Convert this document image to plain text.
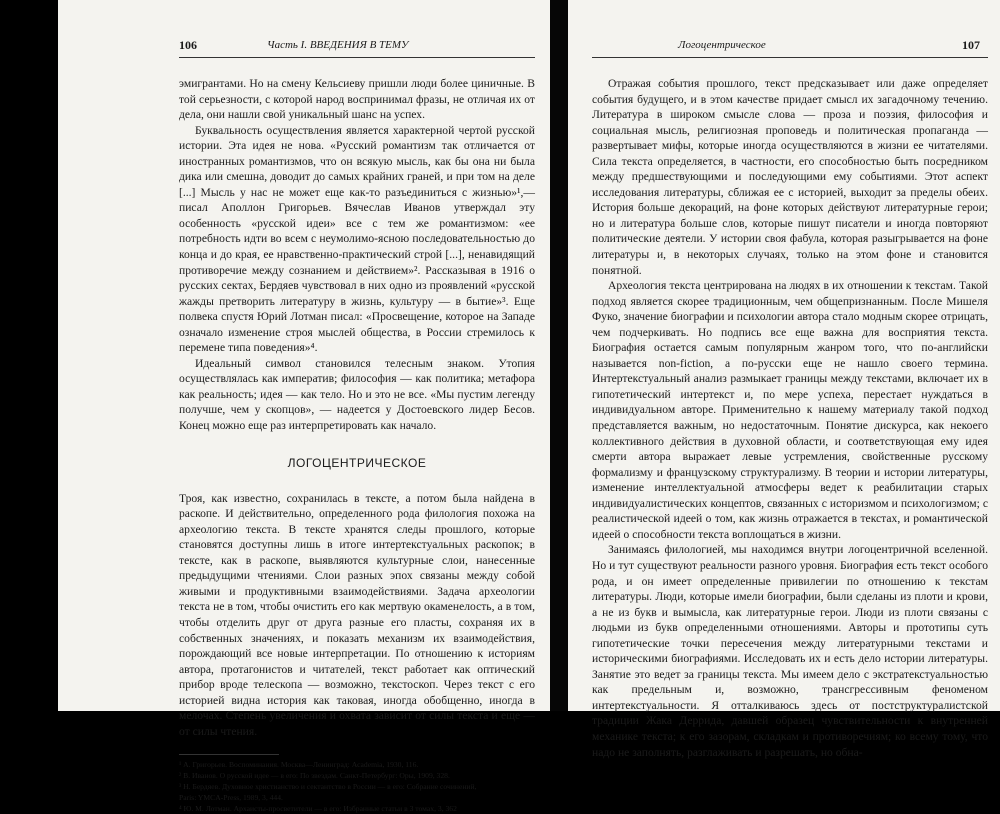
106	Часть I. ВВЕДЕНИЯ В ТЕМУ

эмигрантами. Но на смену Кельсиеву пришли люди более циничные. В той серьезности, с которой народ воспринимал фразы, не отличая их от дела, они нашли свой уникальный шанс на успех.

Буквальность осуществления является характерной чертой русской истории. Эта идея не нова. «Русский романтизм так отличается от иностранных романтизмов, что он всякую мысль, как бы она ни была дика или смешна, доводит до самых крайних граней, и при том на деле [...] Мысль у нас не может еще как-то разъединиться с жизнью»¹,— писал Аполлон Григорьев. Вячеслав Иванов утверждал эту особенность «русской идеи» все с тем же романтизмом: «ее потребность идти во всем с неумолимо-ясною последовательностью до конца и до края, ее нравственно-практический строй [...], ненавидящий противоречие между сознанием и действием»². Рассказывая в 1916 о русских сектах, Бердяев чувствовал в них одно из проявлений «русской жажды претворить литературу в жизнь, культуру — в бытие»³. Еще полвека спустя Юрий Лотман писал: «Просвещение, которое на Западе означало изменение строя мыслей общества, в России стремилось к перемене типа поведения»⁴.

Идеальный символ становился телесным знаком. Утопия осуществлялась как императив; философия — как политика; метафора как реальность; идея — как тело. Но и это не все. «Мы пустим легенду получше, чем у скопцов», — надеется у Достоевского лидер Бесов. Конец можно еще раз интерпретировать как начало.

ЛОГОЦЕНТРИЧЕСКОЕ

Троя, как известно, сохранилась в тексте, а потом была найдена в раскопе. И действительно, определенного рода филология похожа на археологию текста. В тексте хранятся следы прошлого, которые становятся доступны лишь в итоге интертекстуальных раскопок; в тексте, как в раскопе, выявляются культурные слои, нанесенные предыдущими чтениями. Слои разных эпох связаны между собой живыми и продуктивными взаимодействиями. Задача археологии текста не в том, чтобы очистить его как мертвую окаменелость, а в том, чтобы отделить друг от друга разные его пласты, сохраняя их в собственных значениях, и показать механизм их взаимодействия, порождающий все новые интерпретации. По отношению к историям автора, протагонистов и читателей, текст работает как оптический прибор вроде телескопа — возможно, текстоскоп. Через текст с его историей видна история как таковая, иногда обобщенно, иногда в мелочах. Степень увеличения и охвата зависит от силы текста и еще — от силы чтения.

¹ А. Григорьев. Воспоминания. Москва—Ленинград: Academia, 1930, 116.
² В. Иванов. О русской идее — в его: По звездам. Санкт-Петербург: Оры, 1909, 328.
³ Н. Бердяев. Духовное христианство и сектантство в России — в его: Собрание сочинений,
Paris: YMCA-Press, 1989, 3, 444.
⁴ Ю. М. Лотман. Архаисты-просветители — в его: Избранные статьи в 3 томах, 3, 362
Логоцентрическое	107

Отражая события прошлого, текст предсказывает или даже определяет события будущего, и в этом качестве придает смысл их загадочному течению. Литература в широком смысле слова — проза и поэзия, философия и социальная мысль, религиозная проповедь и политическая пропаганда — развертывает мифы, которые иногда осуществляются в жизни ее читателями. Сила текста определяется, в частности, его способностью быть посредником между предшествующими и последующими ему событиями. Этот аспект исследования литературы, сближая ее с историей, выходит за пределы обеих. История больше декораций, на фоне которых действуют литературные герои; но и литература больше слов, которые пишут писатели и иногда повторяют политические деятели. У истории своя фабула, которая разыгрывается на фоне литературы и, в некоторых случаях, только на этом фоне и становится понятной.

Археология текста центрирована на людях в их отношении к текстам. Такой подход является скорее традиционным, чем общепризнанным. После Мишеля Фуко, значение биографии и психологии автора стало модным скорее отрицать, чем подчеркивать. Но подпись все еще важна для восприятия текста. Биография остается самым популярным жанром того, что по-английски называется non-fiction, а по-русски еще не нашло своего термина. Интертекстуальный анализ размыкает границы между текстами, включает их в гипотетический интертекст и, по мере успеха, перестает нуждаться в индивидуальном авторе. Применительно к нашему материалу такой подход представляется важным, но недостаточным. Понятие дискурса, как некоего коллективного действия в духовной области, и соответствующая ему идея смерти автора выражает левые устремления, свойственные русскому формализму и французскому структурализму. В теории и истории литературы, изменение интеллектуальной атмосферы ведет к реабилитации старых индивидуалистических концептов, связанных с историзмом и психологизмом; с реалистической идеей о том, как жизнь отражается в текстах, и романтической идеей о способности текста воплощаться в жизни.

Занимаясь филологией, мы находимся внутри логоцентричной вселенной. Но и тут существуют реальности разного уровня. Биография есть текст особого рода, и он имеет определенные привилегии по отношению к текстам литературы. Люди, которые имели биографии, были сделаны из плоти и крови, а не из букв и вымысла, как литературные герои. Люди из плоти связаны с людьми из букв определенными отношениями. Авторы и прототипы суть гипотетические точки пересечения между литературными текстами и историческими биографиями. Исследовать их и есть дело истории литературы. Занятие это ведет за границы текста. Мы имеем дело с экстратекстуальностью как предельным и, возможно, трансгрессивным феноменом интертекстуальности. Я отталкиваюсь здесь от постструктуралистской традиции Жака Деррида, давшей образец чувствительности к внутренней механике текста; к его зазорам, складкам и противоречиям; ко всему тому, что надо не заполнять, разглаживать и разрешать, но обна-
